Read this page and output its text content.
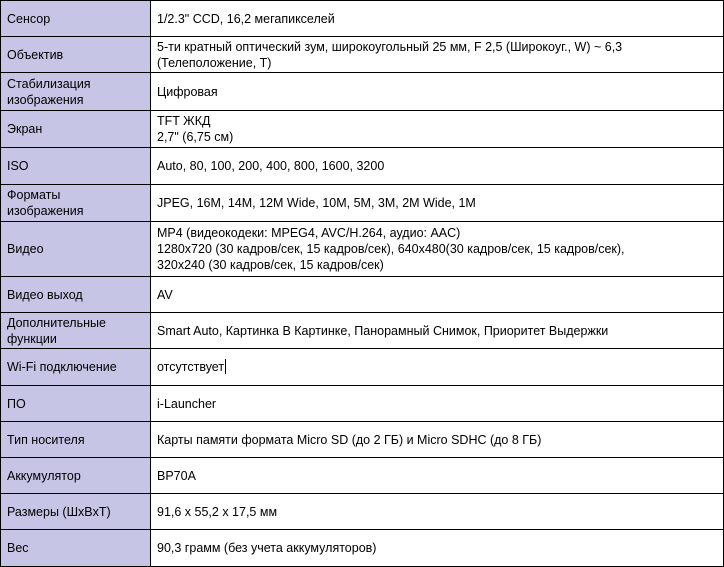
Сенсор	1/2.3" CCD, 16,2 мегапикселей
Объектив	5-ти кратный оптический зум, широкоугольный 25 мм, F 2,5 (Широкоуг., W) ~ 6,3
(Телеположение, T)
Стабилизация
изображения	Цифровая
Экран	TFT ЖКД
2,7" (6,75 см)
ISO	Auto, 80, 100, 200, 400, 800, 1600, 3200
Форматы
изображения	JPEG, 16M, 14M, 12M Wide, 10M, 5M, 3M, 2M Wide, 1M
Видео	MP4 (видеокодеки: MPEG4, AVC/H.264, аудио: AAC)
1280x720 (30 кадров/сек, 15 кадров/сек), 640x480(30 кадров/сек, 15 кадров/сек),
320x240 (30 кадров/сек, 15 кадров/сек)
Видео выход	AV
Дополнительные
функции	Smart Auto, Картинка В Картинке, Панорамный Снимок, Приоритет Выдержки
Wi-Fi подключение	отсутствует
ПО	i-Launcher
Тип носителя	Карты памяти формата Micro SD (до 2 ГБ) и Micro SDHC (до 8 ГБ)
Аккумулятор	BP70A
Размеры (ШxВxТ)	91,6 x 55,2 x 17,5 мм
Вес	90,3 грамм (без учета аккумуляторов)
